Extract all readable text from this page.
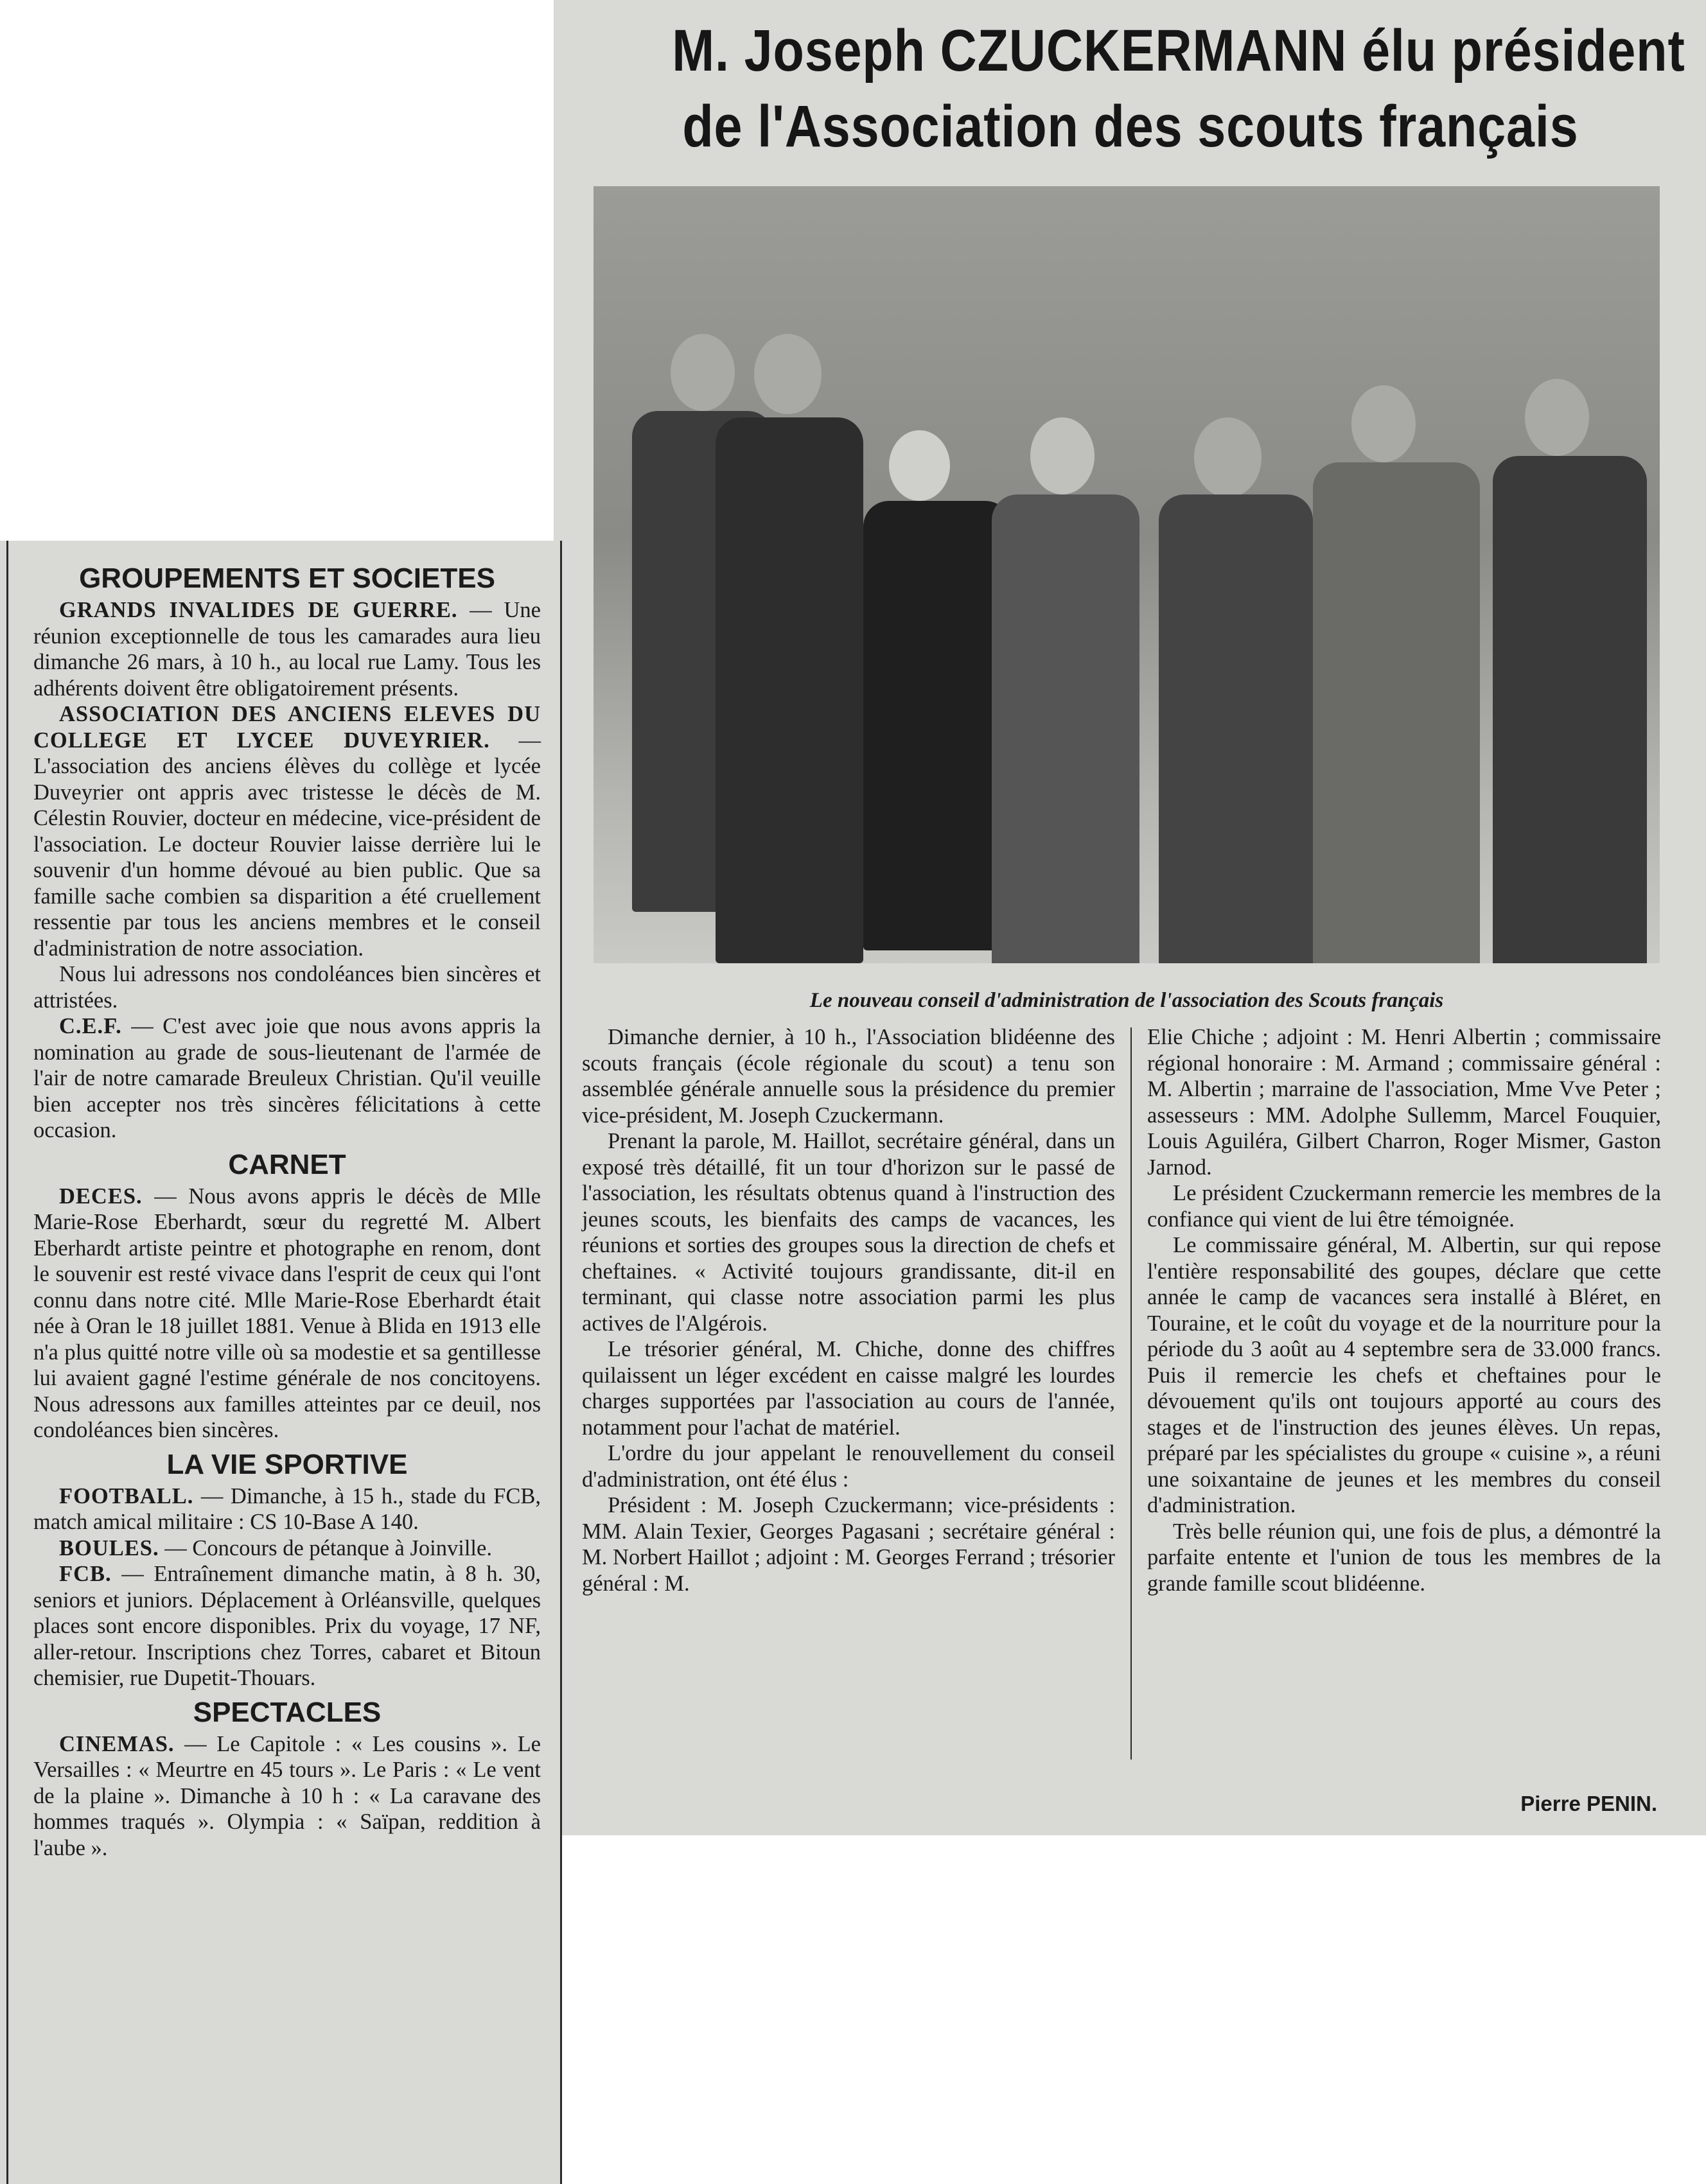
M. Joseph CZUCKERMANN élu président
de l'Association des scouts français

Le nouveau conseil d'administration de l'association des Scouts français

Dimanche dernier, à 10 h., l'Association blidéenne des scouts français (école régionale du scout) a tenu son assemblée générale annuelle sous la présidence du premier vice-président, M. Joseph Czuckermann.

Prenant la parole, M. Haillot, secrétaire général, dans un exposé très détaillé, fit un tour d'horizon sur le passé de l'association, les résultats obtenus quand à l'instruction des jeunes scouts, les bienfaits des camps de vacances, les réunions et sorties des groupes sous la direction de chefs et cheftaines. « Activité toujours grandissante, dit-il en terminant, qui classe notre association parmi les plus actives de l'Algérois.

Le trésorier général, M. Chiche, donne des chiffres quilaissent un léger excédent en caisse malgré les lourdes charges supportées par l'association au cours de l'année, notamment pour l'achat de matériel.

L'ordre du jour appelant le renouvellement du conseil d'administration, ont été élus :

Président : M. Joseph Czuckermann; vice-présidents : MM. Alain Texier, Georges Pagasani ; secrétaire général : M. Norbert Haillot ; adjoint : M. Georges Ferrand ; trésorier général : M.

Elie Chiche ; adjoint : M. Henri Albertin ; commissaire régional honoraire : M. Armand ; commissaire général : M. Albertin ; marraine de l'association, Mme Vve Peter ; assesseurs : MM. Adolphe Sullemm, Marcel Fouquier, Louis Aguiléra, Gilbert Charron, Roger Mismer, Gaston Jarnod.

Le président Czuckermann remercie les membres de la confiance qui vient de lui être témoignée.

Le commissaire général, M. Albertin, sur qui repose l'entière responsabilité des goupes, déclare que cette année le camp de vacances sera installé à Bléret, en Touraine, et le coût du voyage et de la nourriture pour la période du 3 août au 4 septembre sera de 33.000 francs. Puis il remercie les chefs et cheftaines pour le dévouement qu'ils ont toujours apporté au cours des stages et de l'instruction des jeunes élèves. Un repas, préparé par les spécialistes du groupe « cuisine », a réuni une soixantaine de jeunes et les membres du conseil d'administration.

Très belle réunion qui, une fois de plus, a démontré la parfaite entente et l'union de tous les membres de la grande famille scout blidéenne.

Pierre PENIN.

GROUPEMENTS ET SOCIETES

GRANDS INVALIDES DE GUERRE. — Une réunion exceptionnelle de tous les camarades aura lieu dimanche 26 mars, à 10 h., au local rue Lamy. Tous les adhérents doivent être obligatoirement présents.

ASSOCIATION DES ANCIENS ELEVES DU COLLEGE ET LYCEE DUVEYRIER. — L'association des anciens élèves du collège et lycée Duveyrier ont appris avec tristesse le décès de M. Célestin Rouvier, docteur en médecine, vice-président de l'association. Le docteur Rouvier laisse derrière lui le souvenir d'un homme dévoué au bien public. Que sa famille sache combien sa disparition a été cruellement ressentie par tous les anciens membres et le conseil d'administration de notre association.

Nous lui adressons nos condoléances bien sincères et attristées.

C.E.F. — C'est avec joie que nous avons appris la nomination au grade de sous-lieutenant de l'armée de l'air de notre camarade Breuleux Christian. Qu'il veuille bien accepter nos très sincères félicitations à cette occasion.

CARNET

DECES. — Nous avons appris le décès de Mlle Marie-Rose Eberhardt, sœur du regretté M. Albert Eberhardt artiste peintre et photographe en renom, dont le souvenir est resté vivace dans l'esprit de ceux qui l'ont connu dans notre cité. Mlle Marie-Rose Eberhardt était née à Oran le 18 juillet 1881. Venue à Blida en 1913 elle n'a plus quitté notre ville où sa modestie et sa gentillesse lui avaient gagné l'estime générale de nos concitoyens. Nous adressons aux familles atteintes par ce deuil, nos condoléances bien sincères.

LA VIE SPORTIVE

FOOTBALL. — Dimanche, à 15 h., stade du FCB, match amical militaire : CS 10-Base A 140.

BOULES. — Concours de pétanque à Joinville.

FCB. — Entraînement dimanche matin, à 8 h. 30, seniors et juniors. Déplacement à Orléansville, quelques places sont encore disponibles. Prix du voyage, 17 NF, aller-retour. Inscriptions chez Torres, cabaret et Bitoun chemisier, rue Dupetit-Thouars.

SPECTACLES

CINEMAS. — Le Capitole : « Les cousins ». Le Versailles : « Meurtre en 45 tours ». Le Paris : « Le vent de la plaine ». Dimanche à 10 h : « La caravane des hommes traqués ». Olympia : « Saïpan, reddition à l'aube ».
